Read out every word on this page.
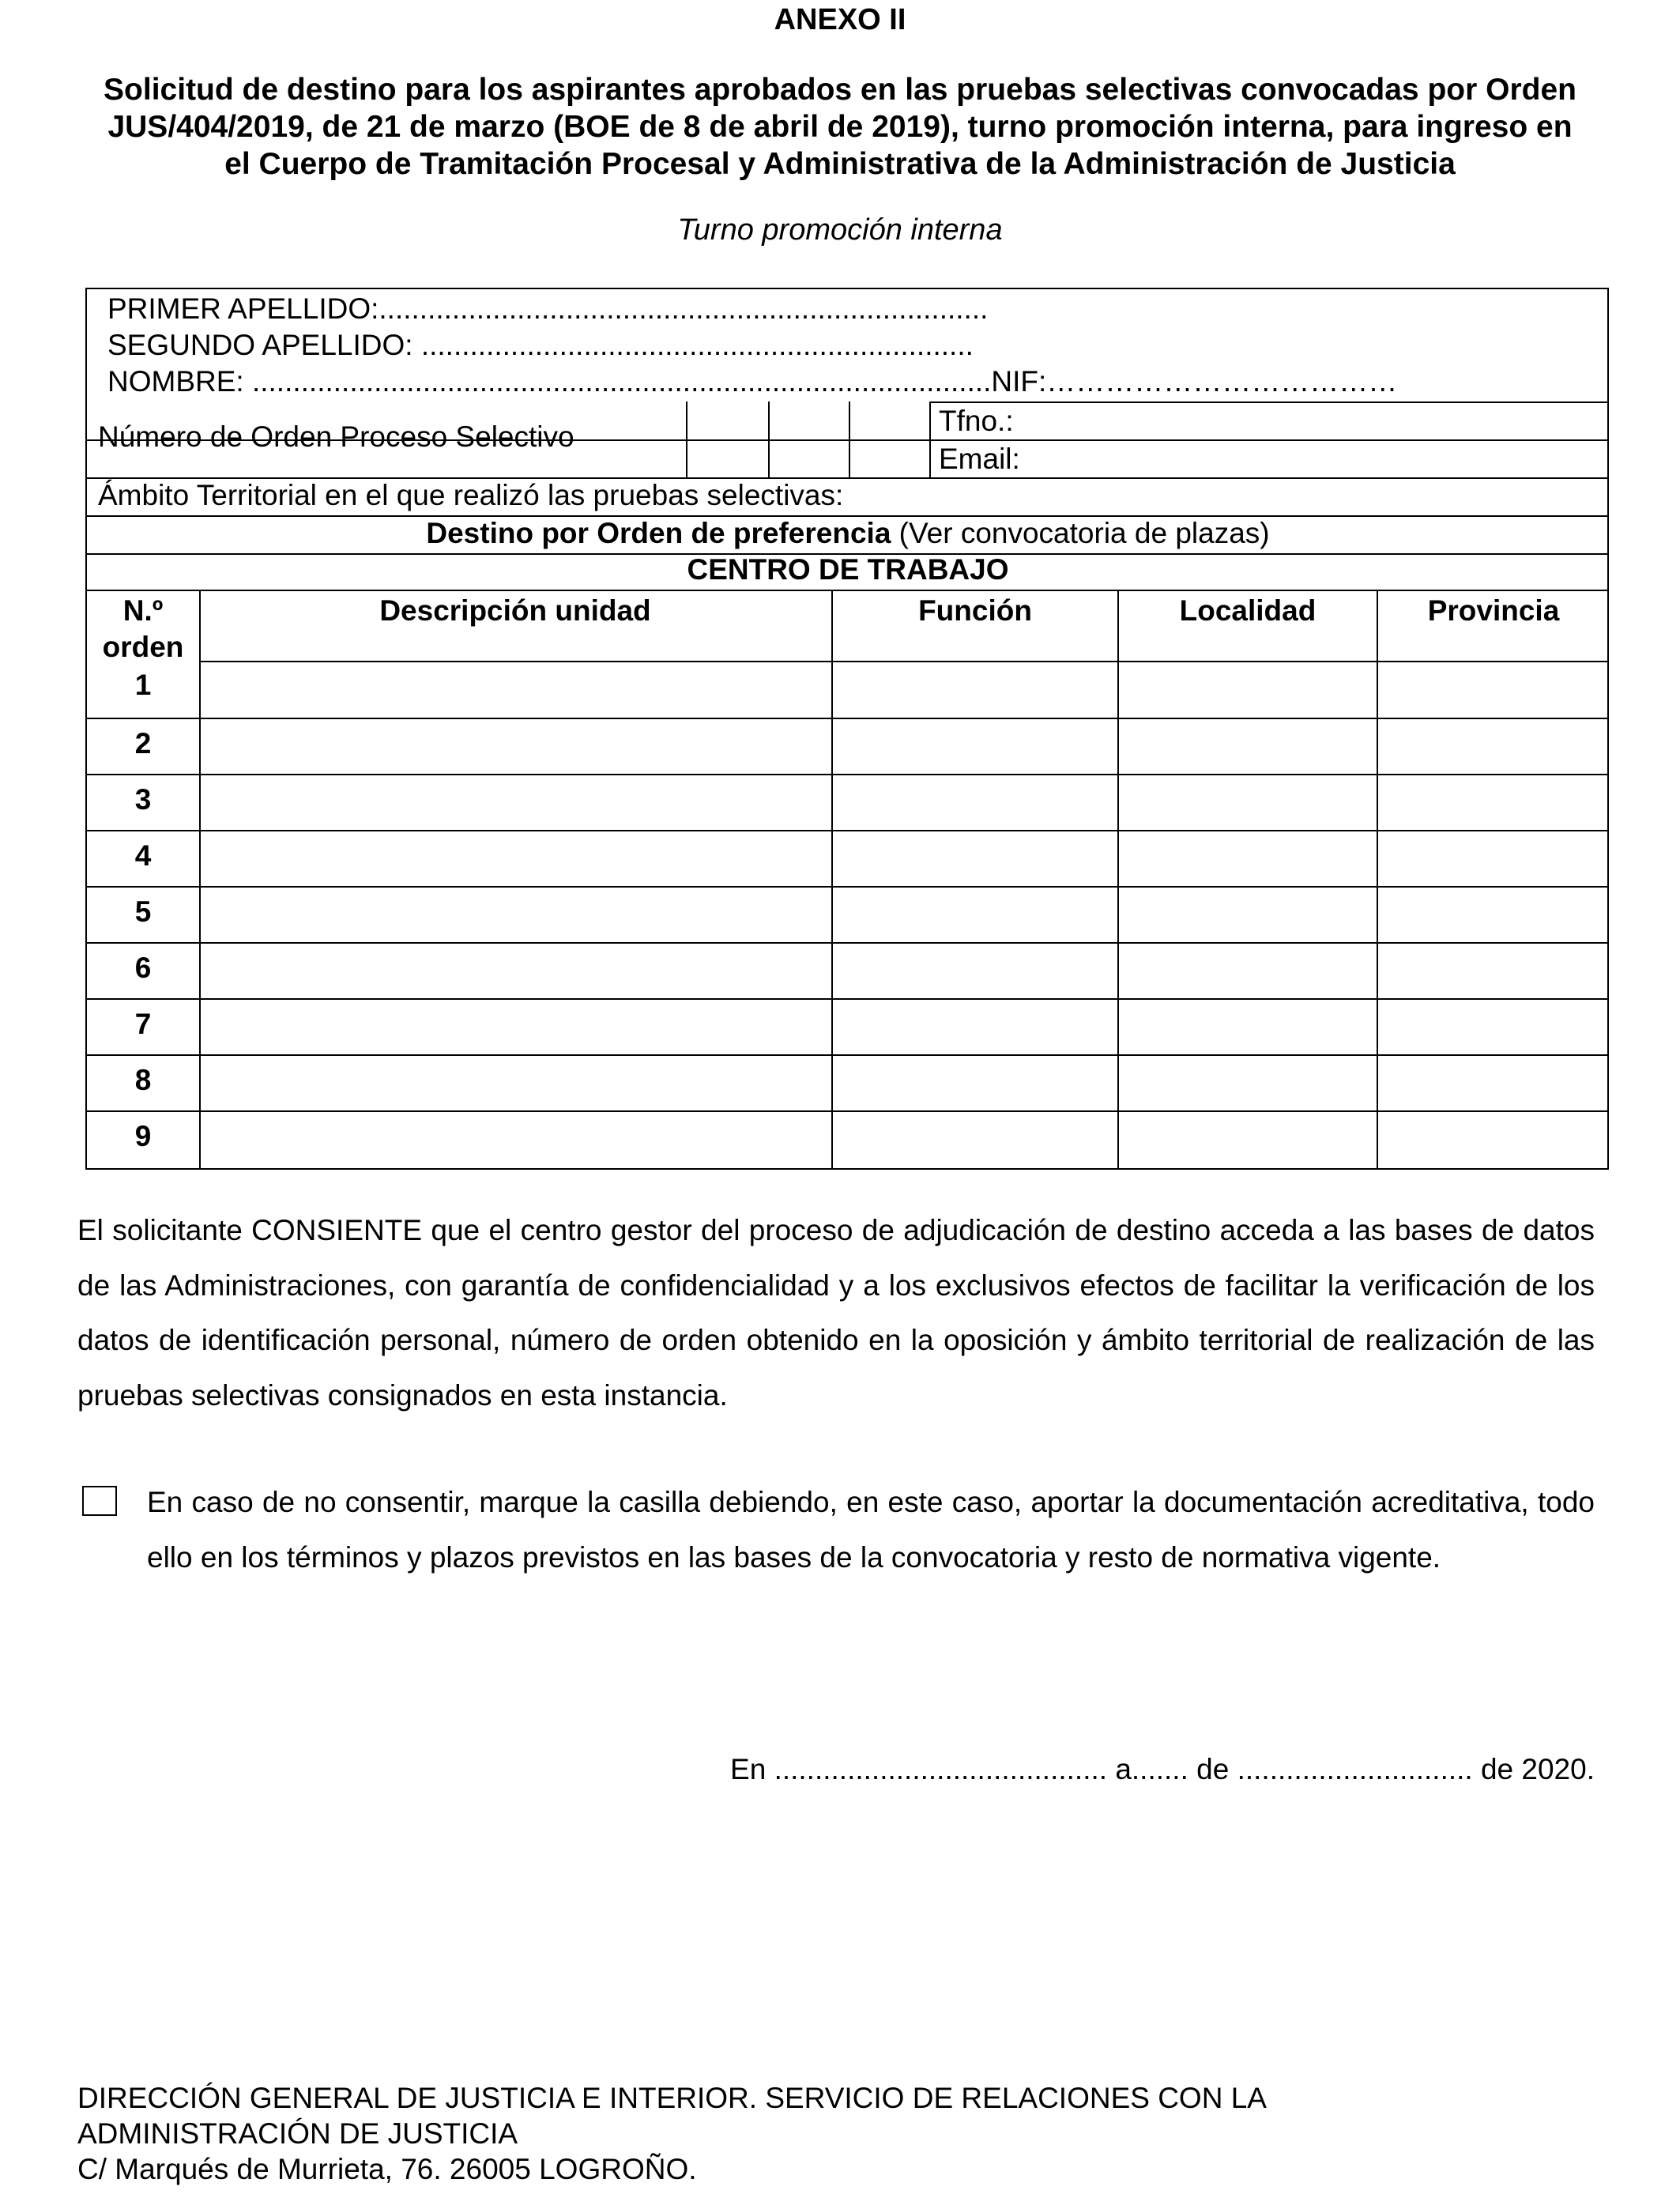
ANEXO II
Solicitud de destino para los aspirantes aprobados en las pruebas selectivas convocadas por Orden
JUS/404/2019, de 21 de marzo (BOE de 8 de abril de 2019), turno promoción interna, para ingreso en
el Cuerpo de Tramitación Procesal y Administrativa de la Administración de Justicia
Turno promoción interna
PRIMER APELLIDO:...........................................................................
SEGUNDO APELLIDO: ....................................................................
NOMBRE: ...........................................................................................NIF:………………………………
Número de Orden Proceso Selectivo	Tfno.:
Email:
Ámbito Territorial en el que realizó las pruebas selectivas:
Destino por Orden de preferencia (Ver convocatoria de plazas)
CENTRO DE TRABAJO
N.º
orden
Descripción unidad	Función	Localidad	Provincia
1
2
3
4
5
6
7
8
9
El solicitante CONSIENTE que el centro gestor del proceso de adjudicación de destino acceda a las bases de datos de las Administraciones, con garantía de confidencialidad y a los exclusivos efectos de facilitar la verificación de los datos de identificación personal, número de orden obtenido en la oposición y ámbito territorial de realización de las pruebas selectivas consignados en esta instancia.
En caso de no consentir, marque la casilla debiendo, en este caso, aportar la documentación acreditativa, todo ello en los términos y plazos previstos en las bases de la convocatoria y resto de normativa vigente.
En ......................................... a....... de ............................. de 2020.
DIRECCIÓN GENERAL DE JUSTICIA E INTERIOR. SERVICIO DE RELACIONES CON LA
ADMINISTRACIÓN DE JUSTICIA
C/ Marqués de Murrieta, 76. 26005 LOGROÑO.
